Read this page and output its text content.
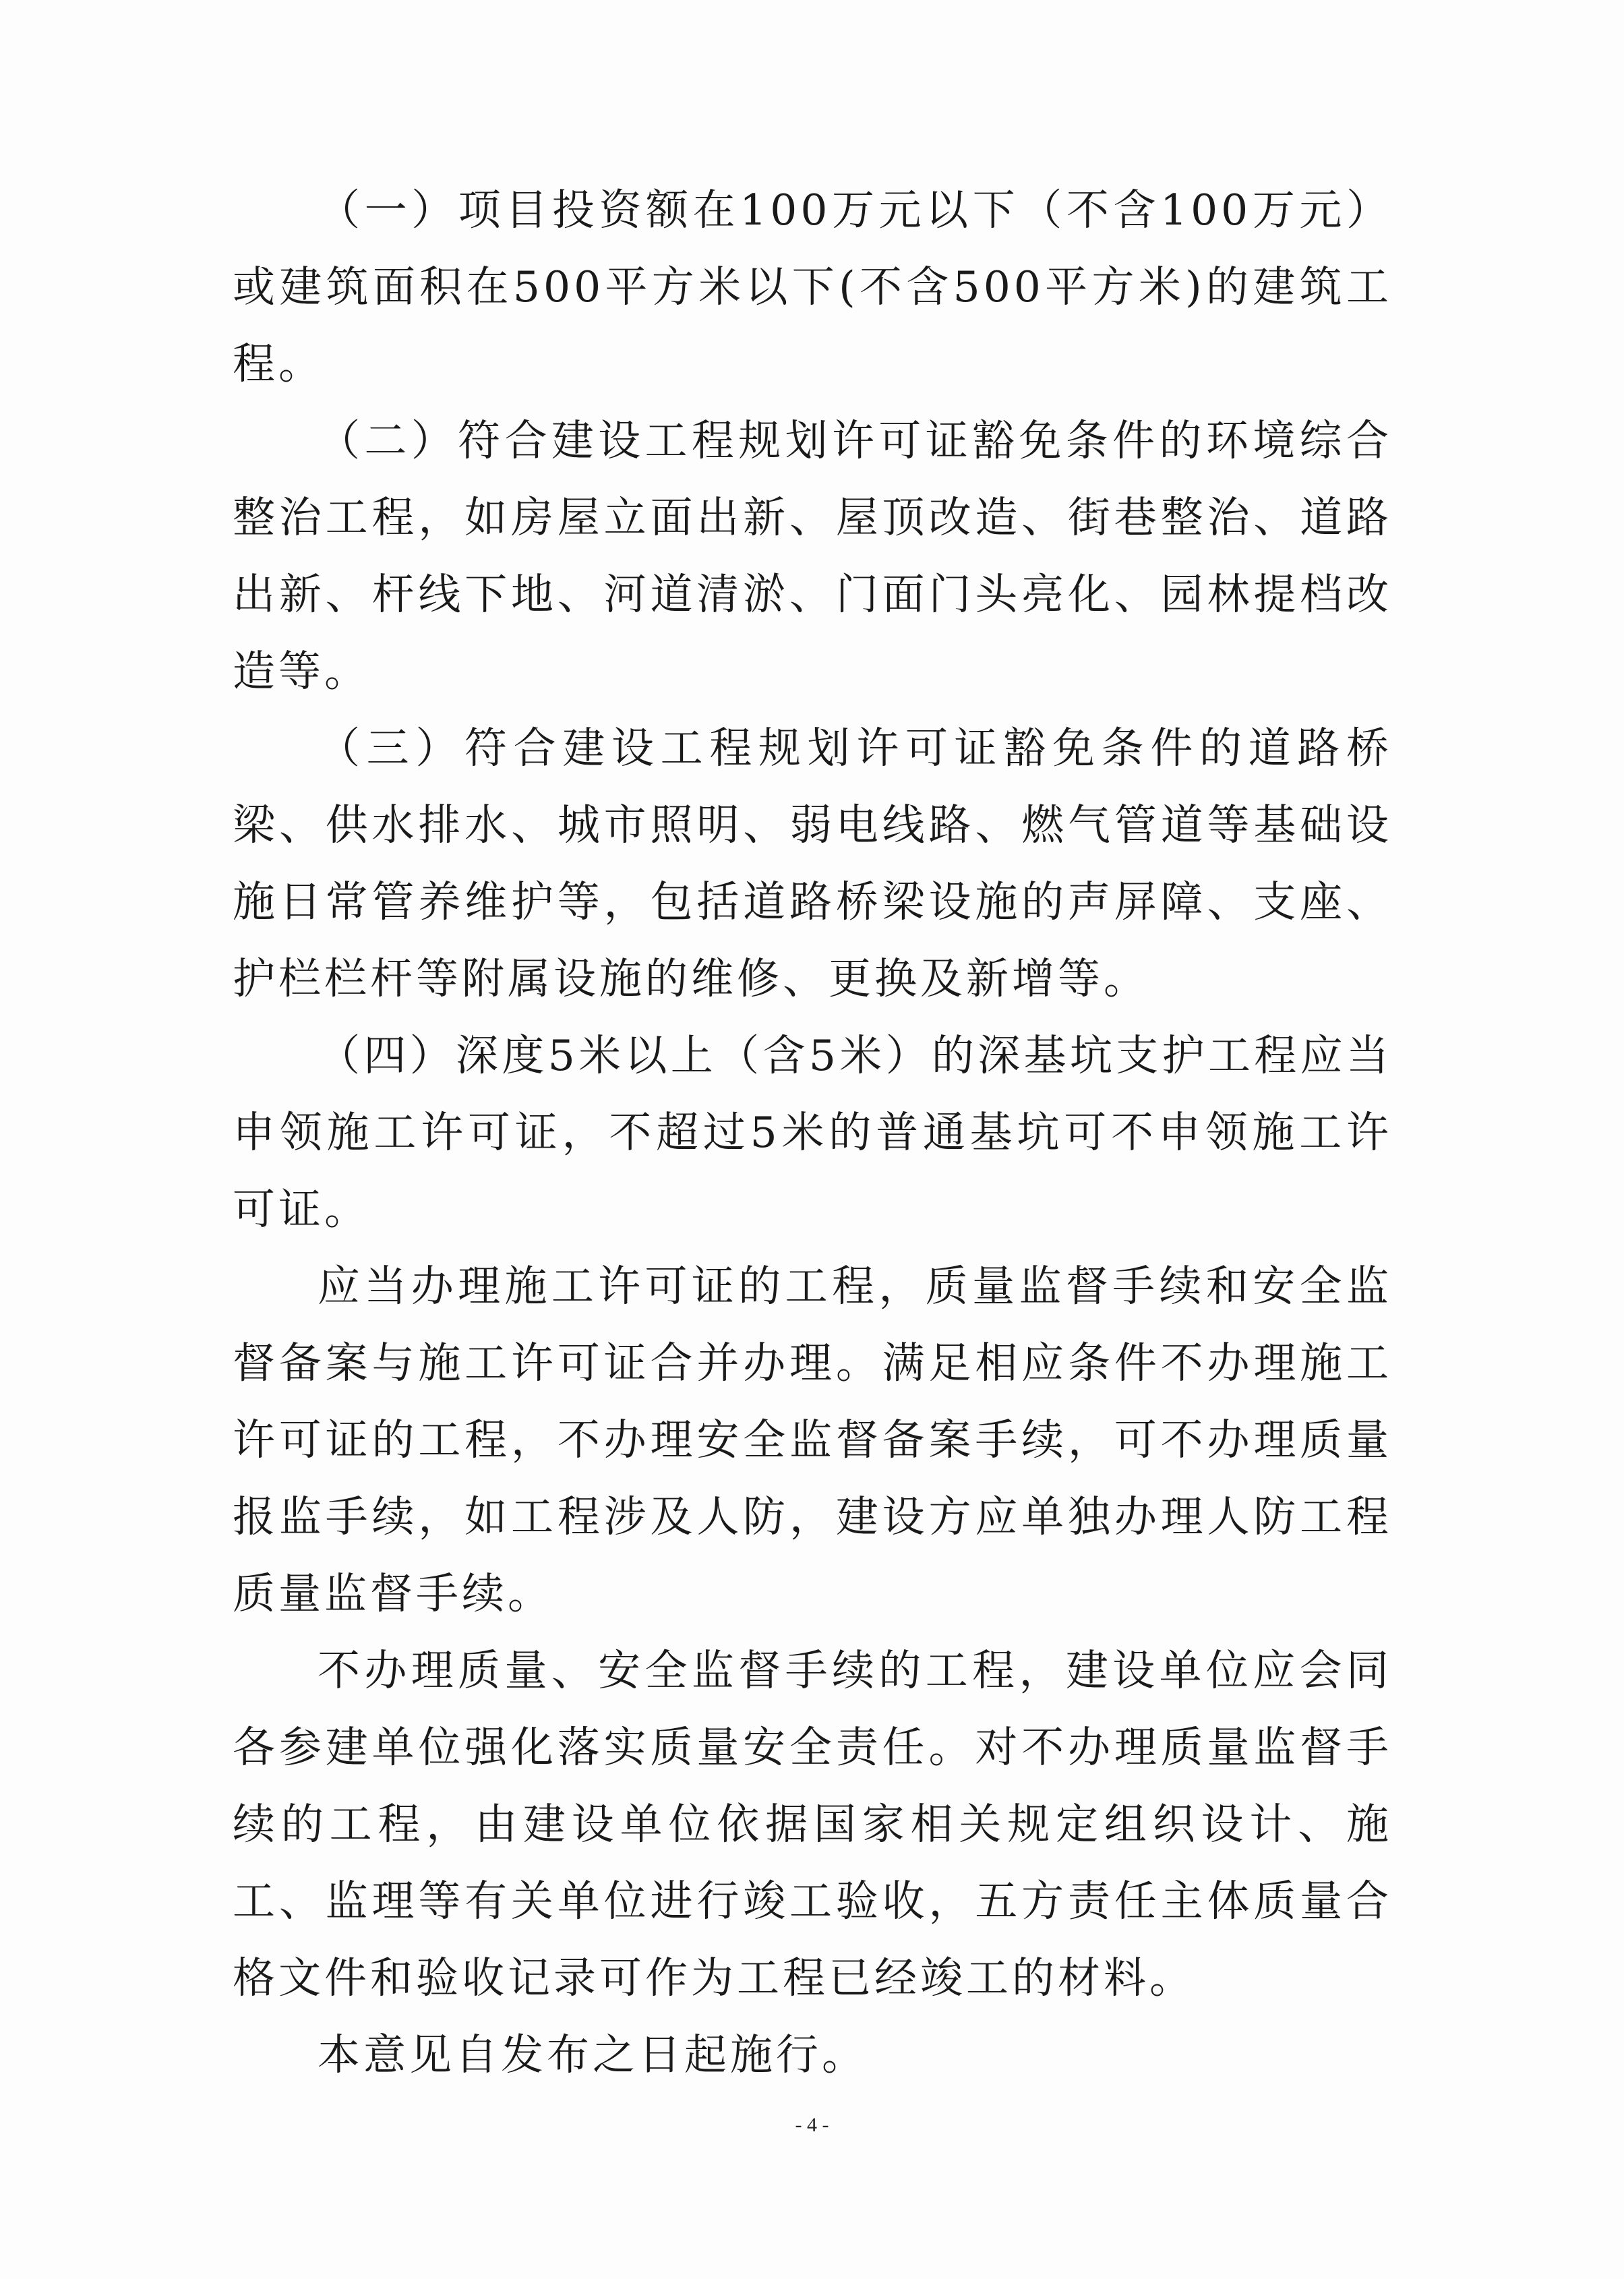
（一）项目投资额在100万元以下（不含100万元）或建筑面积在500平方米以下(不含500平方米)的建筑工程。

（二）符合建设工程规划许可证豁免条件的环境综合整治工程，如房屋立面出新、屋顶改造、街巷整治、道路出新、杆线下地、河道清淤、门面门头亮化、园林提档改造等。

（三）符合建设工程规划许可证豁免条件的道路桥梁、供水排水、城市照明、弱电线路、燃气管道等基础设施日常管养维护等，包括道路桥梁设施的声屏障、支座、护栏栏杆等附属设施的维修、更换及新增等。

（四）深度5米以上（含5米）的深基坑支护工程应当申领施工许可证，不超过5米的普通基坑可不申领施工许可证。

应当办理施工许可证的工程，质量监督手续和安全监督备案与施工许可证合并办理。满足相应条件不办理施工许可证的工程，不办理安全监督备案手续，可不办理质量报监手续，如工程涉及人防，建设方应单独办理人防工程质量监督手续。

不办理质量、安全监督手续的工程，建设单位应会同各参建单位强化落实质量安全责任。对不办理质量监督手续的工程，由建设单位依据国家相关规定组织设计、施工、监理等有关单位进行竣工验收，五方责任主体质量合格文件和验收记录可作为工程已经竣工的材料。

本意见自发布之日起施行。

- 4 -
